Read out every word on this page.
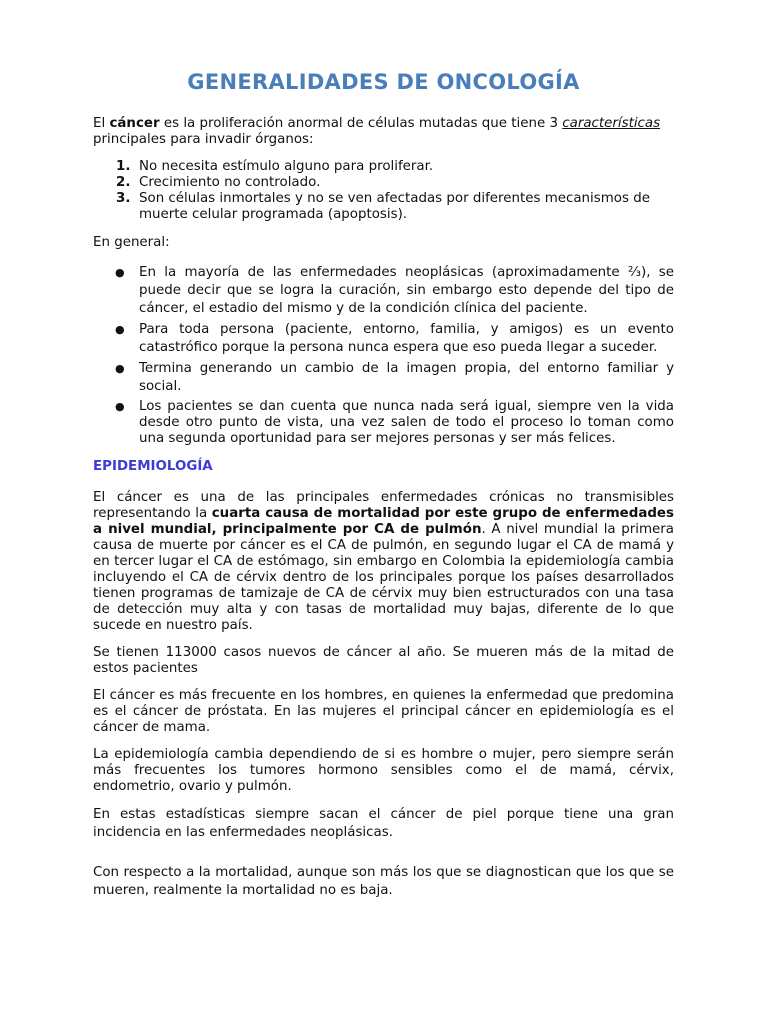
GENERALIDADES DE ONCOLOGÍA

El cáncer es la proliferación anormal de células mutadas que tiene 3 características principales para invadir órganos:

1. No necesita estímulo alguno para proliferar.
2. Crecimiento no controlado.
3. Son células inmortales y no se ven afectadas por diferentes mecanismos de muerte celular programada (apoptosis).

En general:

● En la mayoría de las enfermedades neoplásicas (aproximadamente ⅔), se puede decir que se logra la curación, sin embargo esto depende del tipo de cáncer, el estadio del mismo y de la condición clínica del paciente.
● Para toda persona (paciente, entorno, familia, y amigos) es un evento catastrófico porque la persona nunca espera que eso pueda llegar a suceder.
● Termina generando un cambio de la imagen propia, del entorno familiar y social.
● Los pacientes se dan cuenta que nunca nada será igual, siempre ven la vida desde otro punto de vista, una vez salen de todo el proceso lo toman como una segunda oportunidad para ser mejores personas y ser más felices.
EPIDEMIOLOGÍA

El cáncer es una de las principales enfermedades crónicas no transmisibles representando la cuarta causa de mortalidad por este grupo de enfermedades a nivel mundial, principalmente por CA de pulmón. A nivel mundial la primera causa de muerte por cáncer es el CA de pulmón, en segundo lugar el CA de mamá y en tercer lugar el CA de estómago, sin embargo en Colombia la epidemiología cambia incluyendo el CA de cérvix dentro de los principales porque los países desarrollados tienen programas de tamizaje de CA de cérvix muy bien estructurados con una tasa de detección muy alta y con tasas de mortalidad muy bajas, diferente de lo que sucede en nuestro país.

Se tienen 113000 casos nuevos de cáncer al año. Se mueren más de la mitad de estos pacientes

El cáncer es más frecuente en los hombres, en quienes la enfermedad que predomina es el cáncer de próstata. En las mujeres el principal cáncer en epidemiología es el cáncer de mama.

La epidemiología cambia dependiendo de si es hombre o mujer, pero siempre serán más frecuentes los tumores hormono sensibles como el de mamá, cérvix, endometrio, ovario y pulmón.

En estas estadísticas siempre sacan el cáncer de piel porque tiene una gran incidencia en las enfermedades neoplásicas.

Con respecto a la mortalidad, aunque son más los que se diagnostican que los que se mueren, realmente la mortalidad no es baja.
